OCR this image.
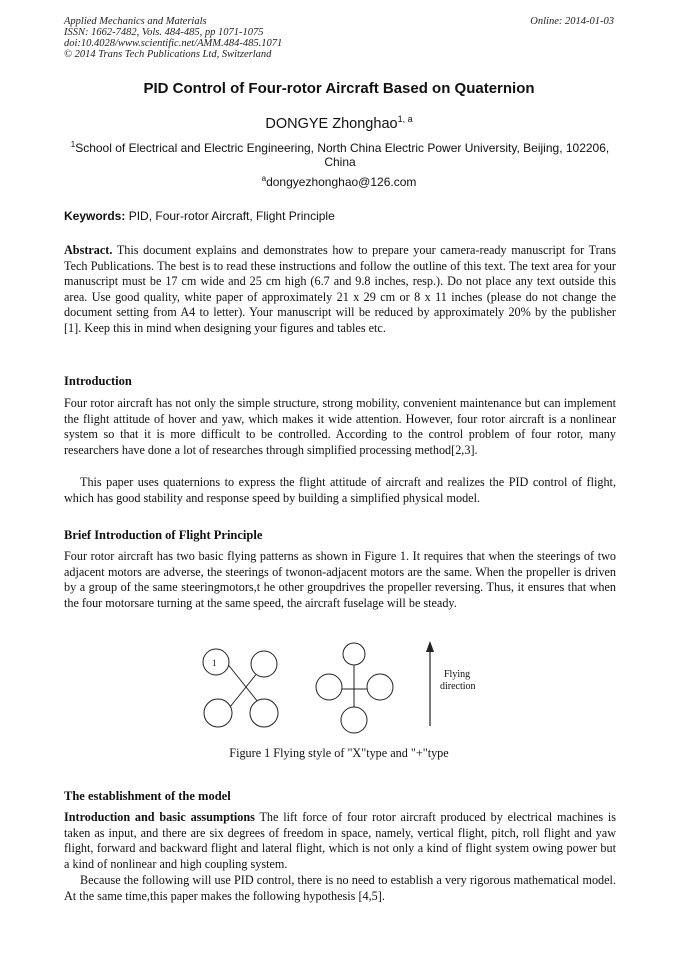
Applied Mechanics and Materials
ISSN: 1662-7482, Vols. 484-485, pp 1071-1075
doi:10.4028/www.scientific.net/AMM.484-485.1071
© 2014 Trans Tech Publications Ltd, Switzerland
Online: 2014-01-03
PID Control of Four-rotor Aircraft Based on Quaternion
DONGYE Zhonghao$^{1, a}$
$^1$School of Electrical and Electric Engineering, North China Electric Power University, Beijing, 102206, China
$^a$dongyezhonghao@126.com
Keywords: PID, Four-rotor Aircraft, Flight Principle
Abstract. This document explains and demonstrates how to prepare your camera-ready manuscript for Trans Tech Publications. The best is to read these instructions and follow the outline of this text. The text area for your manuscript must be 17 cm wide and 25 cm high (6.7 and 9.8 inches, resp.). Do not place any text outside this area. Use good quality, white paper of approximately 21 x 29 cm or 8 x 11 inches (please do not change the document setting from A4 to letter). Your manuscript will be reduced by approximately 20% by the publisher [1]. Keep this in mind when designing your figures and tables etc.
Introduction
Four rotor aircraft has not only the simple structure, strong mobility, convenient maintenance but can implement the flight attitude of hover and yaw, which makes it wide attention. However, four rotor aircraft is a nonlinear system so that it is more difficult to be controlled. According to the control problem of four rotor, many researchers have done a lot of researches through simplified processing method[2,3].
This paper uses quaternions to express the flight attitude of aircraft and realizes the PID control of flight, which has good stability and response speed by building a simplified physical model.
Brief Introduction of Flight Principle
Four rotor aircraft has two basic flying patterns as shown in Figure 1. It requires that when the steerings of two adjacent motors are adverse, the steerings of twonon-adjacent motors are the same. When the propeller is driven by a group of the same steeringmotors,t he other groupdrives the propeller reversing. Thus, it ensures that when the four motorsare turning at the same speed, the aircraft fuselage will be steady.
1
Flying
direction
Figure 1 Flying style of "X"type and "+"type
The establishment of the model
Introduction and basic assumptions The lift force of four rotor aircraft produced by electrical machines is taken as input, and there are six degrees of freedom in space, namely, vertical flight, pitch, roll flight and yaw flight, forward and backward flight and lateral flight, which is not only a kind of flight system owing power but a kind of nonlinear and high coupling system.
Because the following will use PID control, there is no need to establish a very rigorous mathematical model. At the same time,this paper makes the following hypothesis [4,5].
